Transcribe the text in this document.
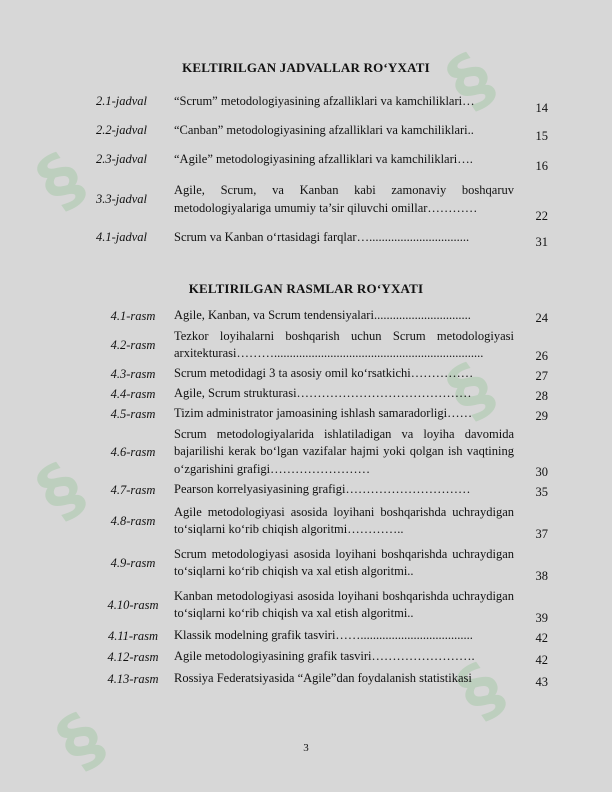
§
§
§
§
§
§
KELTIRILGAN JADVALLAR RO‘YXATI
2.1-jadval	“Scrum” metodologiyasining afzalliklari va kamchiliklari…	14
2.2-jadval	“Canban” metodologiyasining afzalliklari va kamchiliklari..	15
2.3-jadval	“Agile” metodologiyasining afzalliklari va kamchiliklari….	16
3.3-jadval	Agile, Scrum, va Kanban kabi zamonaviy boshqaruv metodologiyalariga umumiy ta’sir qiluvchi omillar…………	22
4.1-jadval	Scrum va Kanban o‘rtasidagi farqlar…................................	31
KELTIRILGAN RASMLAR RO‘YXATI
4.1-rasm	Agile, Kanban, va Scrum tendensiyalari...............................	24
4.2-rasm	Tezkor loyihalarni boshqarish uchun Scrum metodologiyasi arxitekturasi………...................................................................	26
4.3-rasm	Scrum metodidagi 3 ta asosiy omil ko‘rsatkichi……………	27
4.4-rasm	Agile, Scrum strukturasi……………………………………	28
4.5-rasm	Tizim administrator jamoasining ishlash samaradorligi……	29
4.6-rasm	Scrum metodologiyalarida ishlatiladigan va loyiha davomida bajarilishi kerak bo‘lgan vazifalar hajmi yoki qolgan ish vaqtining o‘zgarishini grafigi……………………	30
4.7-rasm	Pearson korrelyasiyasining grafigi…………………………	35
4.8-rasm	Agile metodologiyasi asosida loyihani boshqarishda uchraydigan to‘siqlarni ko‘rib chiqish algoritmi…………..	37
4.9-rasm	Scrum metodologiyasi asosida loyihani boshqarishda uchraydigan to‘siqlarni ko‘rib chiqish va xal etish algoritmi..	38
4.10-rasm	Kanban metodologiyasi asosida loyihani boshqarishda uchraydigan to‘siqlarni ko‘rib chiqish va xal etish algoritmi..	39
4.11-rasm	Klassik modelning grafik tasviri……....................................	42
4.12-rasm	Agile metodologiyasining grafik tasviri…………………….	42
4.13-rasm	Rossiya Federatsiyasida “Agile”dan foydalanish statistikasi	43
3
